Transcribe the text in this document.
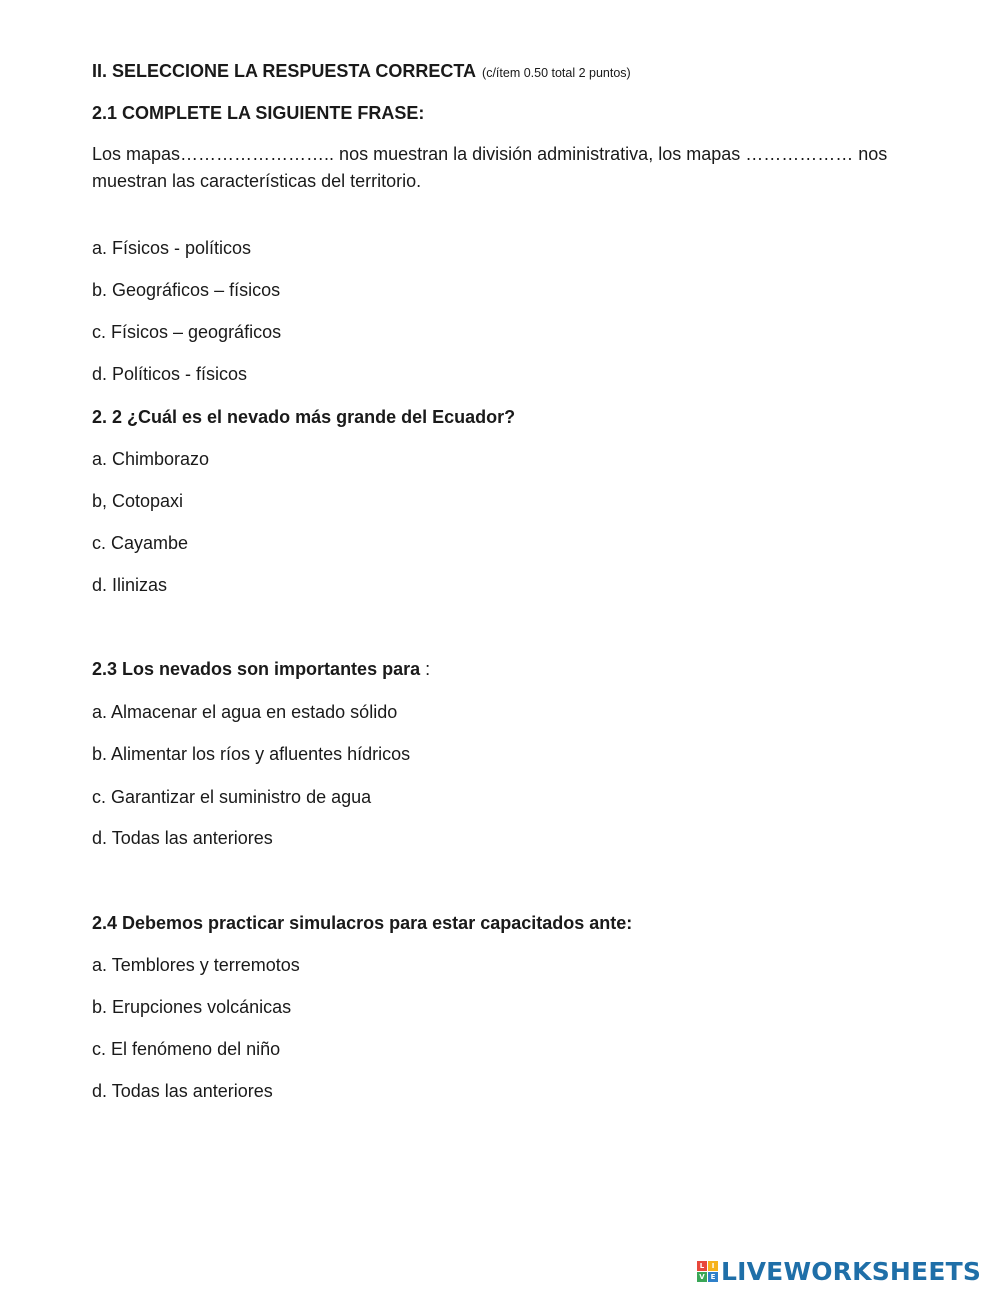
II. SELECCIONE LA RESPUESTA CORRECTA (c/ítem 0.50 total 2 puntos)
2.1 COMPLETE LA SIGUIENTE FRASE:
Los mapas…………………….. nos muestran la división administrativa, los mapas ……………… nos muestran las características del territorio.
a. Físicos - políticos
b. Geográficos – físicos
c. Físicos – geográficos
d. Políticos - físicos
2. 2 ¿Cuál es el nevado más grande del Ecuador?
a. Chimborazo
b, Cotopaxi
c. Cayambe
d. Ilinizas
2.3 Los nevados son importantes para :
a. Almacenar el agua en estado sólido
b. Alimentar los ríos y afluentes hídricos
c. Garantizar el suministro de agua
d. Todas las anteriores
2.4 Debemos practicar simulacros para estar capacitados ante:
a. Temblores y terremotos
b. Erupciones volcánicas
c. El fenómeno del niño
d. Todas las anteriores
L	I
V E LIVEWORKSHEETS
